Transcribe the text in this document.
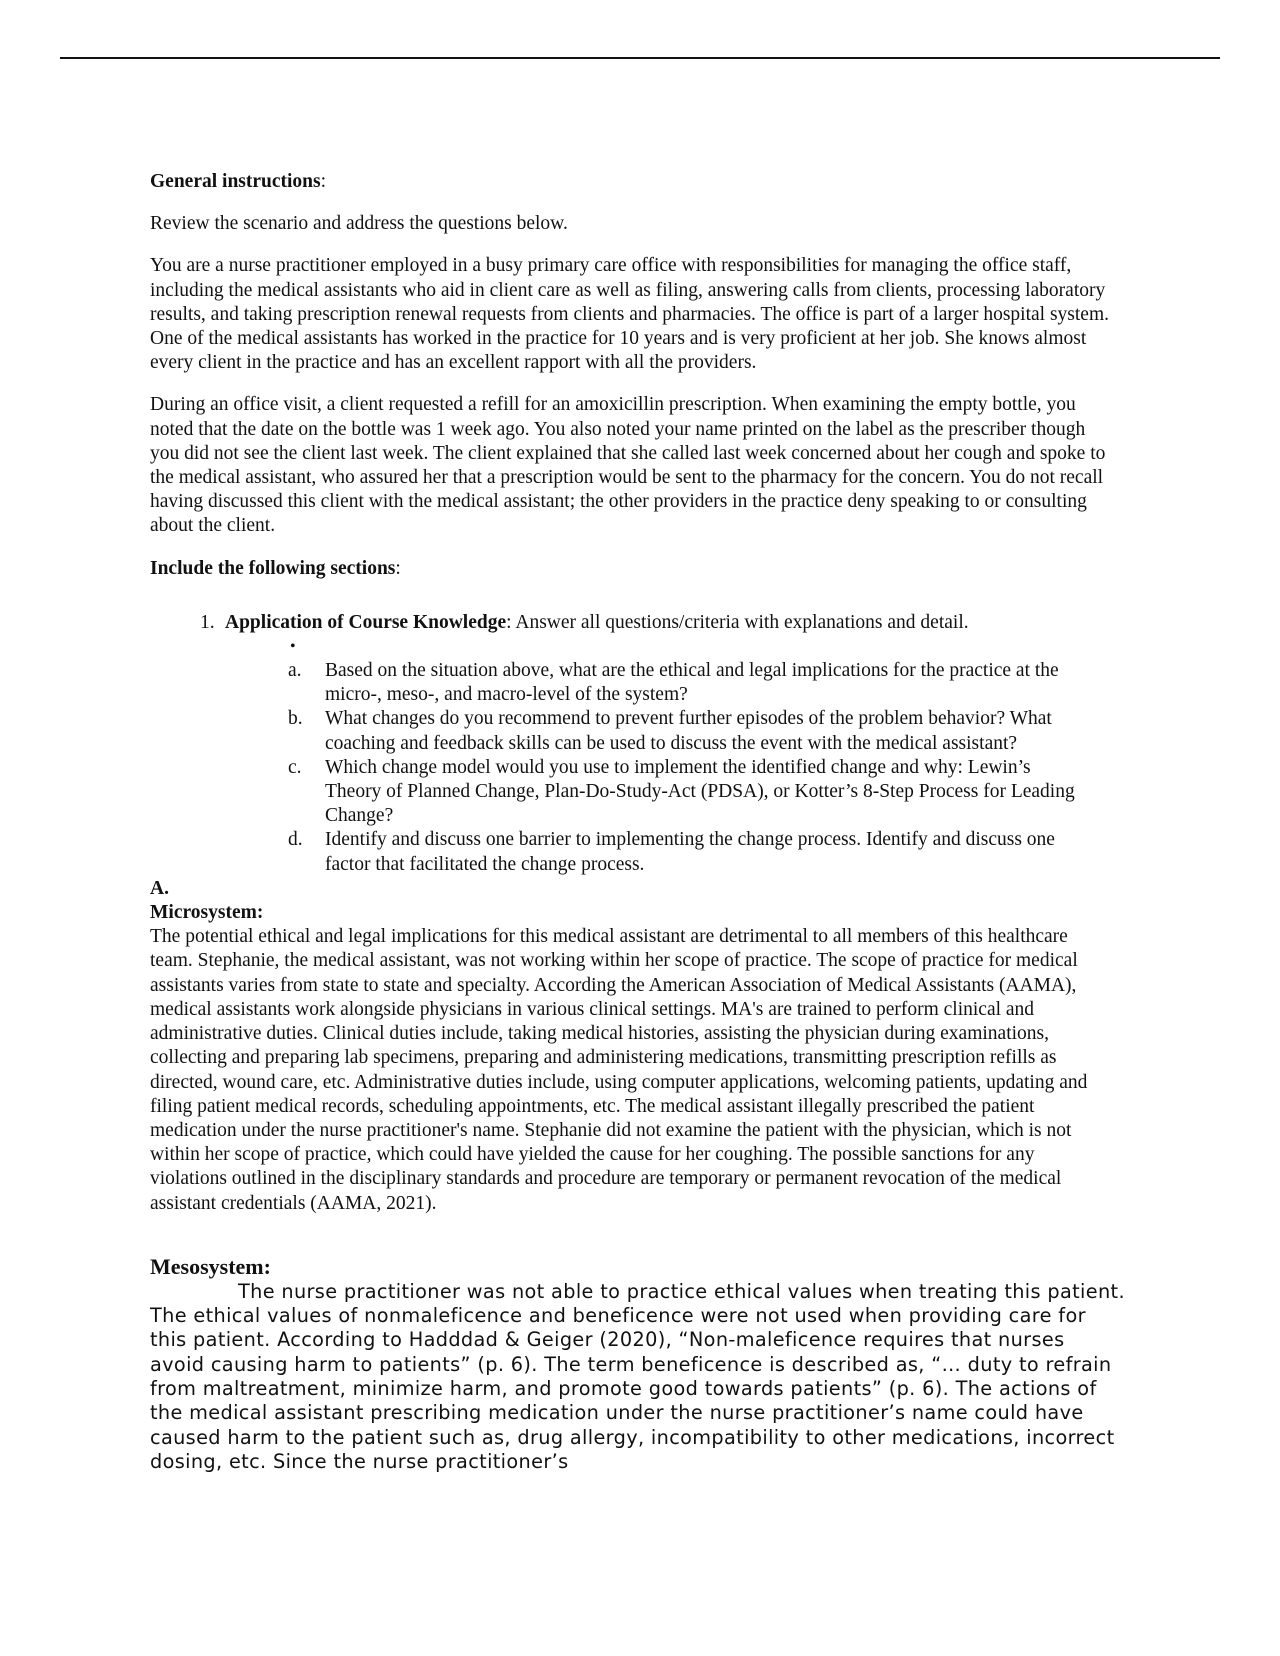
General instructions:

Review the scenario and address the questions below.

You are a nurse practitioner employed in a busy primary care office with responsibilities for managing the office staff, including the medical assistants who aid in client care as well as filing, answering calls from clients, processing laboratory results, and taking prescription renewal requests from clients and pharmacies. The office is part of a larger hospital system. One of the medical assistants has worked in the practice for 10 years and is very proficient at her job. She knows almost every client in the practice and has an excellent rapport with all the providers.

During an office visit, a client requested a refill for an amoxicillin prescription. When examining the empty bottle, you noted that the date on the bottle was 1 week ago. You also noted your name printed on the label as the prescriber though you did not see the client last week. The client explained that she called last week concerned about her cough and spoke to the medical assistant, who assured her that a prescription would be sent to the pharmacy for the concern. You do not recall having discussed this client with the medical assistant; the other providers in the practice deny speaking to or consulting about the client.

Include the following sections:

1. Application of Course Knowledge: Answer all questions/criteria with explanations and detail.
•
a.	Based on the situation above, what are the ethical and legal implications for the practice at the micro-, meso-, and macro-level of the system?
b.	What changes do you recommend to prevent further episodes of the problem behavior? What coaching and feedback skills can be used to discuss the event with the medical assistant?
c.	Which change model would you use to implement the identified change and why: Lewin’s Theory of Planned Change, Plan-Do-Study-Act (PDSA), or Kotter’s 8-Step Process for Leading Change?
d.	Identify and discuss one barrier to implementing the change process. Identify and discuss one factor that facilitated the change process.

A.

Microsystem:

The potential ethical and legal implications for this medical assistant are detrimental to all members of this healthcare team. Stephanie, the medical assistant, was not working within her scope of practice. The scope of practice for medical assistants varies from state to state and specialty. According the American Association of Medical Assistants (AAMA), medical assistants work alongside physicians in various clinical settings. MA's are trained to perform clinical and administrative duties. Clinical duties include, taking medical histories, assisting the physician during examinations, collecting and preparing lab specimens, preparing and administering medications, transmitting prescription refills as directed, wound care, etc. Administrative duties include, using computer applications, welcoming patients, updating and filing patient medical records, scheduling appointments, etc. The medical assistant illegally prescribed the patient medication under the nurse practitioner's name. Stephanie did not examine the patient with the physician, which is not within her scope of practice, which could have yielded the cause for her coughing. The possible sanctions for any violations outlined in the disciplinary standards and procedure are temporary or permanent revocation of the medical assistant credentials (AAMA, 2021).

Mesosystem:

The nurse practitioner was not able to practice ethical values when treating this patient. The ethical values of nonmaleficence and beneficence were not used when providing care for this patient. According to Hadddad & Geiger (2020), “Non-maleficence requires that nurses avoid causing harm to patients” (p. 6). The term beneficence is described as, “… duty to refrain from maltreatment, minimize harm, and promote good towards patients” (p. 6). The actions of the medical assistant prescribing medication under the nurse practitioner’s name could have caused harm to the patient such as, drug allergy, incompatibility to other medications, incorrect dosing, etc. Since the nurse practitioner’s
